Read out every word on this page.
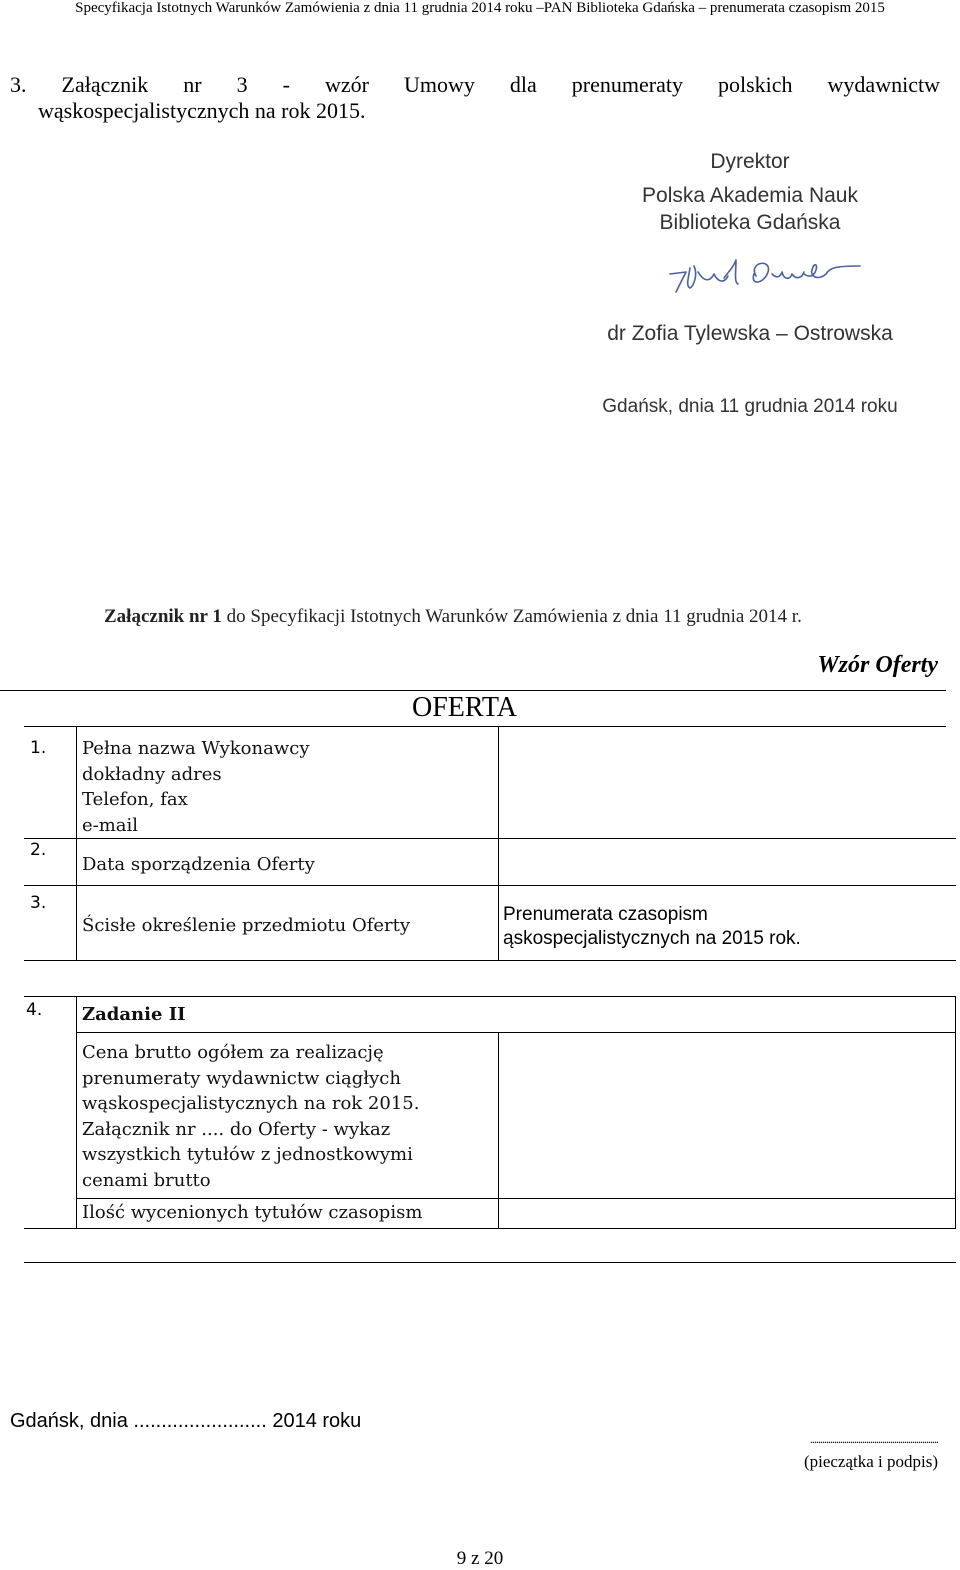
Specyfikacja Istotnych Warunków Zamówienia z dnia 11 grudnia 2014 roku –PAN Biblioteka Gdańska – prenumerata czasopism 2015
3. Załącznik nr 3 - wzór Umowy dla prenumeraty polskich wydawnictw
wąskospecjalistycznych na rok 2015.
Dyrektor
Polska Akademia Nauk
Biblioteka Gdańska
dr Zofia Tylewska – Ostrowska
Gdańsk, dnia 11 grudnia 2014 roku
Załącznik nr 1 do Specyfikacji Istotnych Warunków Zamówienia z dnia 11 grudnia 2014 r.
Wzór Oferty
OFERTA
1. Pełna nazwa Wykonawcy
dokładny adres
Telefon, fax
e-mail
2.
Data sporządzenia Oferty
3.
Ścisłe określenie przedmiotu Oferty
Prenumerata czasopism
ąskospecjalistycznych na 2015 rok.
4. Zadanie II
Cena brutto ogółem za realizację
prenumeraty wydawnictw ciągłych
wąskospecjalistycznych na rok 2015.
Załącznik nr .... do Oferty - wykaz
wszystkich tytułów z jednostkowymi
cenami brutto
Ilość wycenionych tytułów czasopism
Gdańsk, dnia ........................ 2014 roku
................................................................
(pieczątka i podpis)
9 z 20
